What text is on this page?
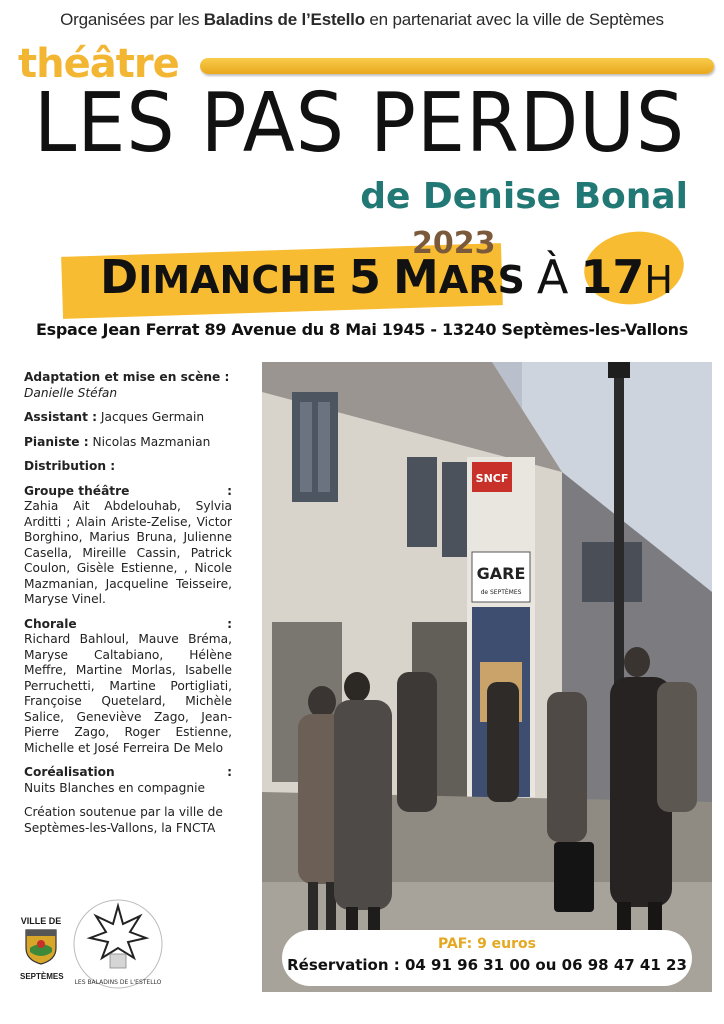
Organisées par les Baladins de l’Estello en partenariat avec la ville de Septèmes
théâtre
LES PAS PERDUS
de Denise Bonal
2023
DIMANCHE 5 MARS À 17H
Espace Jean Ferrat 89 Avenue du 8 Mai 1945 - 13240 Septèmes-les-Vallons
Adaptation et mise en scène :
Danielle Stéfan
Assistant : Jacques Germain
Pianiste : Nicolas Mazmanian
Distribution :
Groupe théâtre	:
Zahia Ait Abdelouhab, Sylvia Arditti ; Alain Ariste-Zelise, Victor Borghino, Marius Bruna, Julienne Casella, Mireille Cassin, Patrick Coulon, Gisèle Estienne, , Nicole Mazmanian, Jacqueline Teisseire, Maryse Vinel.
Chorale	:
Richard Bahloul, Mauve Bréma, Maryse Caltabiano, Hélène Meffre, Martine Morlas, Isabelle Perruchetti, Martine Portigliati, Françoise Quetelard, Michèle Salice, Geneviève Zago, Jean-Pierre Zago, Roger Estienne, Michelle et José Ferreira De Melo
Coréalisation	:
Nuits Blanches en compagnie
Création soutenue par la ville de Septèmes-les-Vallons, la FNCTA
SNCF
GARE
de SEPTÈMES
PAF: 9 euros
Réservation : 04 91 96 31 00 ou 06 98 47 41 23
VILLE DE
SEPTÈMES
LES BALADINS DE L'ESTELLO
